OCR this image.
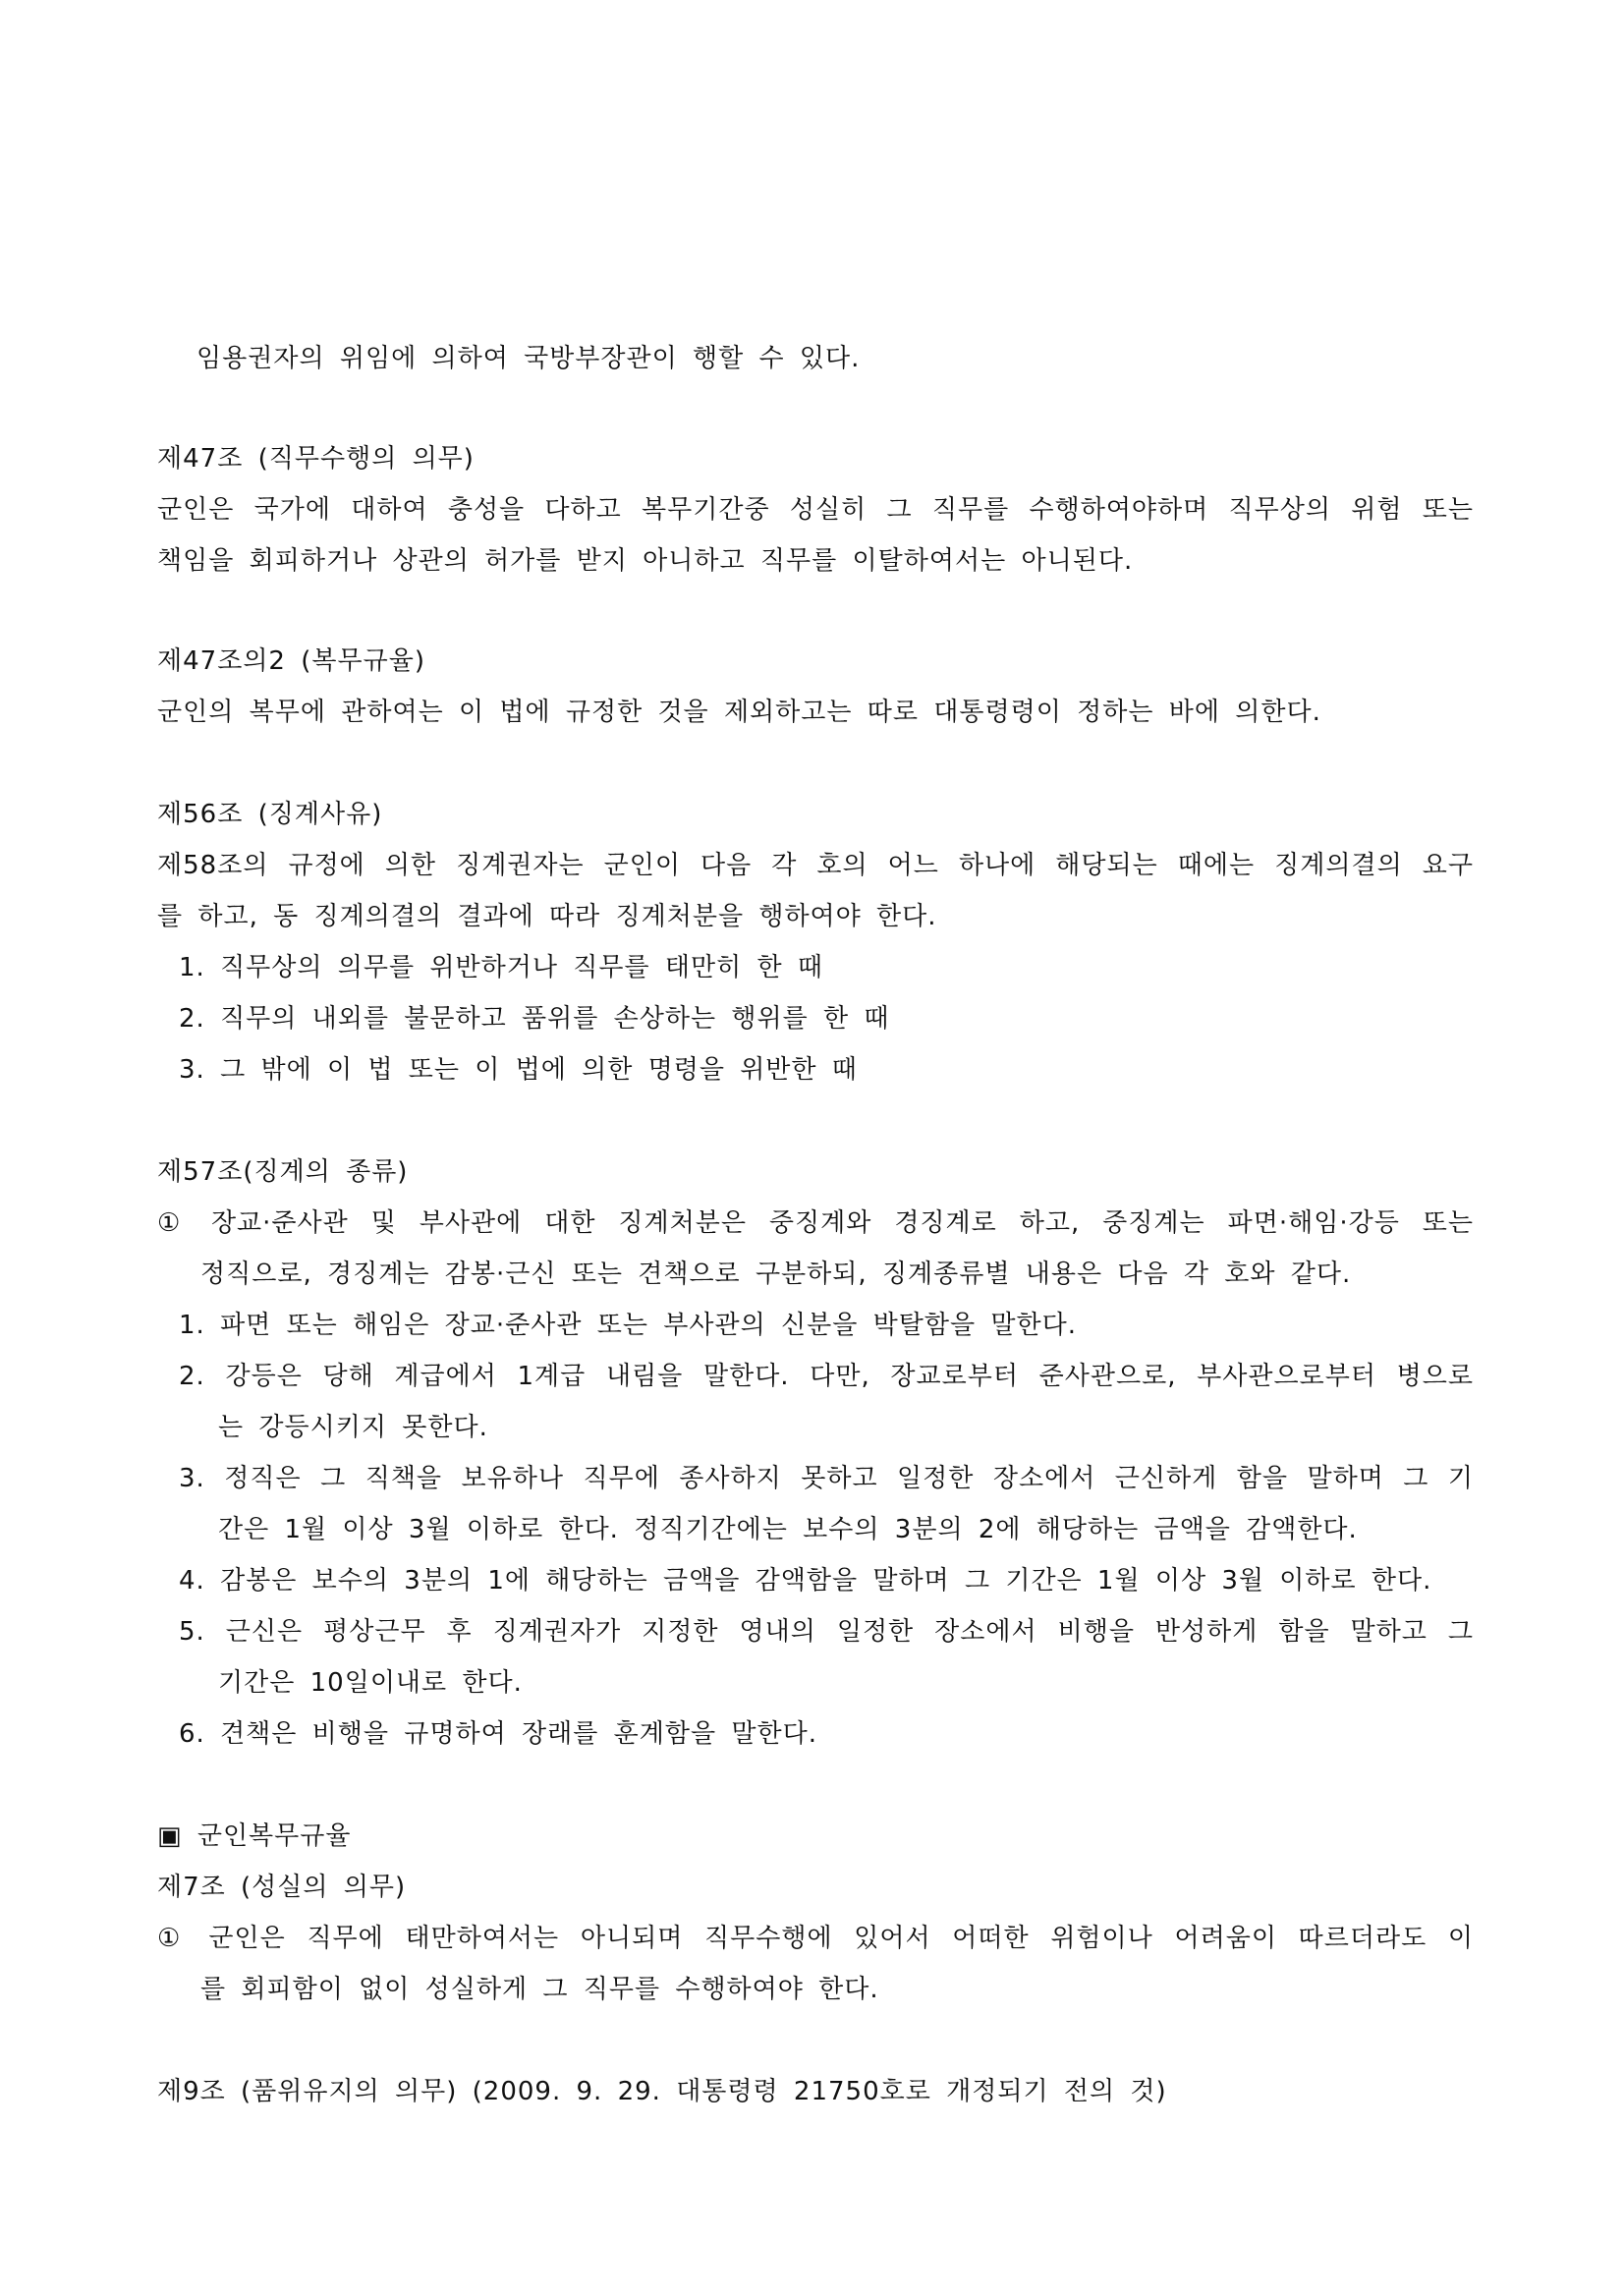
임용권자의 위임에 의하여 국방부장관이 행할 수 있다.
제47조 (직무수행의 의무)
군인은 국가에 대하여 충성을 다하고 복무기간중 성실히 그 직무를 수행하여야하며 직무상의 위험 또는
책임을 회피하거나 상관의 허가를 받지 아니하고 직무를 이탈하여서는 아니된다.
제47조의2 (복무규율)
군인의 복무에 관하여는 이 법에 규정한 것을 제외하고는 따로 대통령령이 정하는 바에 의한다.
제56조 (징계사유)
제58조의 규정에 의한 징계권자는 군인이 다음 각 호의 어느 하나에 해당되는 때에는 징계의결의 요구
를 하고, 동 징계의결의 결과에 따라 징계처분을 행하여야 한다.
1. 직무상의 의무를 위반하거나 직무를 태만히 한 때
2. 직무의 내외를 불문하고 품위를 손상하는 행위를 한 때
3. 그 밖에 이 법 또는 이 법에 의한 명령을 위반한 때
제57조(징계의 종류)
① 장교·준사관 및 부사관에 대한 징계처분은 중징계와 경징계로 하고, 중징계는 파면·해임·강등 또는
정직으로, 경징계는 감봉·근신 또는 견책으로 구분하되, 징계종류별 내용은 다음 각 호와 같다.
1. 파면 또는 해임은 장교·준사관 또는 부사관의 신분을 박탈함을 말한다.
2. 강등은 당해 계급에서 1계급 내림을 말한다. 다만, 장교로부터 준사관으로, 부사관으로부터 병으로
는 강등시키지 못한다.
3. 정직은 그 직책을 보유하나 직무에 종사하지 못하고 일정한 장소에서 근신하게 함을 말하며 그 기
간은 1월 이상 3월 이하로 한다. 정직기간에는 보수의 3분의 2에 해당하는 금액을 감액한다.
4. 감봉은 보수의 3분의 1에 해당하는 금액을 감액함을 말하며 그 기간은 1월 이상 3월 이하로 한다.
5. 근신은 평상근무 후 징계권자가 지정한 영내의 일정한 장소에서 비행을 반성하게 함을 말하고 그
기간은 10일이내로 한다.
6. 견책은 비행을 규명하여 장래를 훈계함을 말한다.
▣ 군인복무규율
제7조 (성실의 의무)
① 군인은 직무에 태만하여서는 아니되며 직무수행에 있어서 어떠한 위험이나 어려움이 따르더라도 이
를 회피함이 없이 성실하게 그 직무를 수행하여야 한다.
제9조 (품위유지의 의무) (2009. 9. 29. 대통령령 21750호로 개정되기 전의 것)
